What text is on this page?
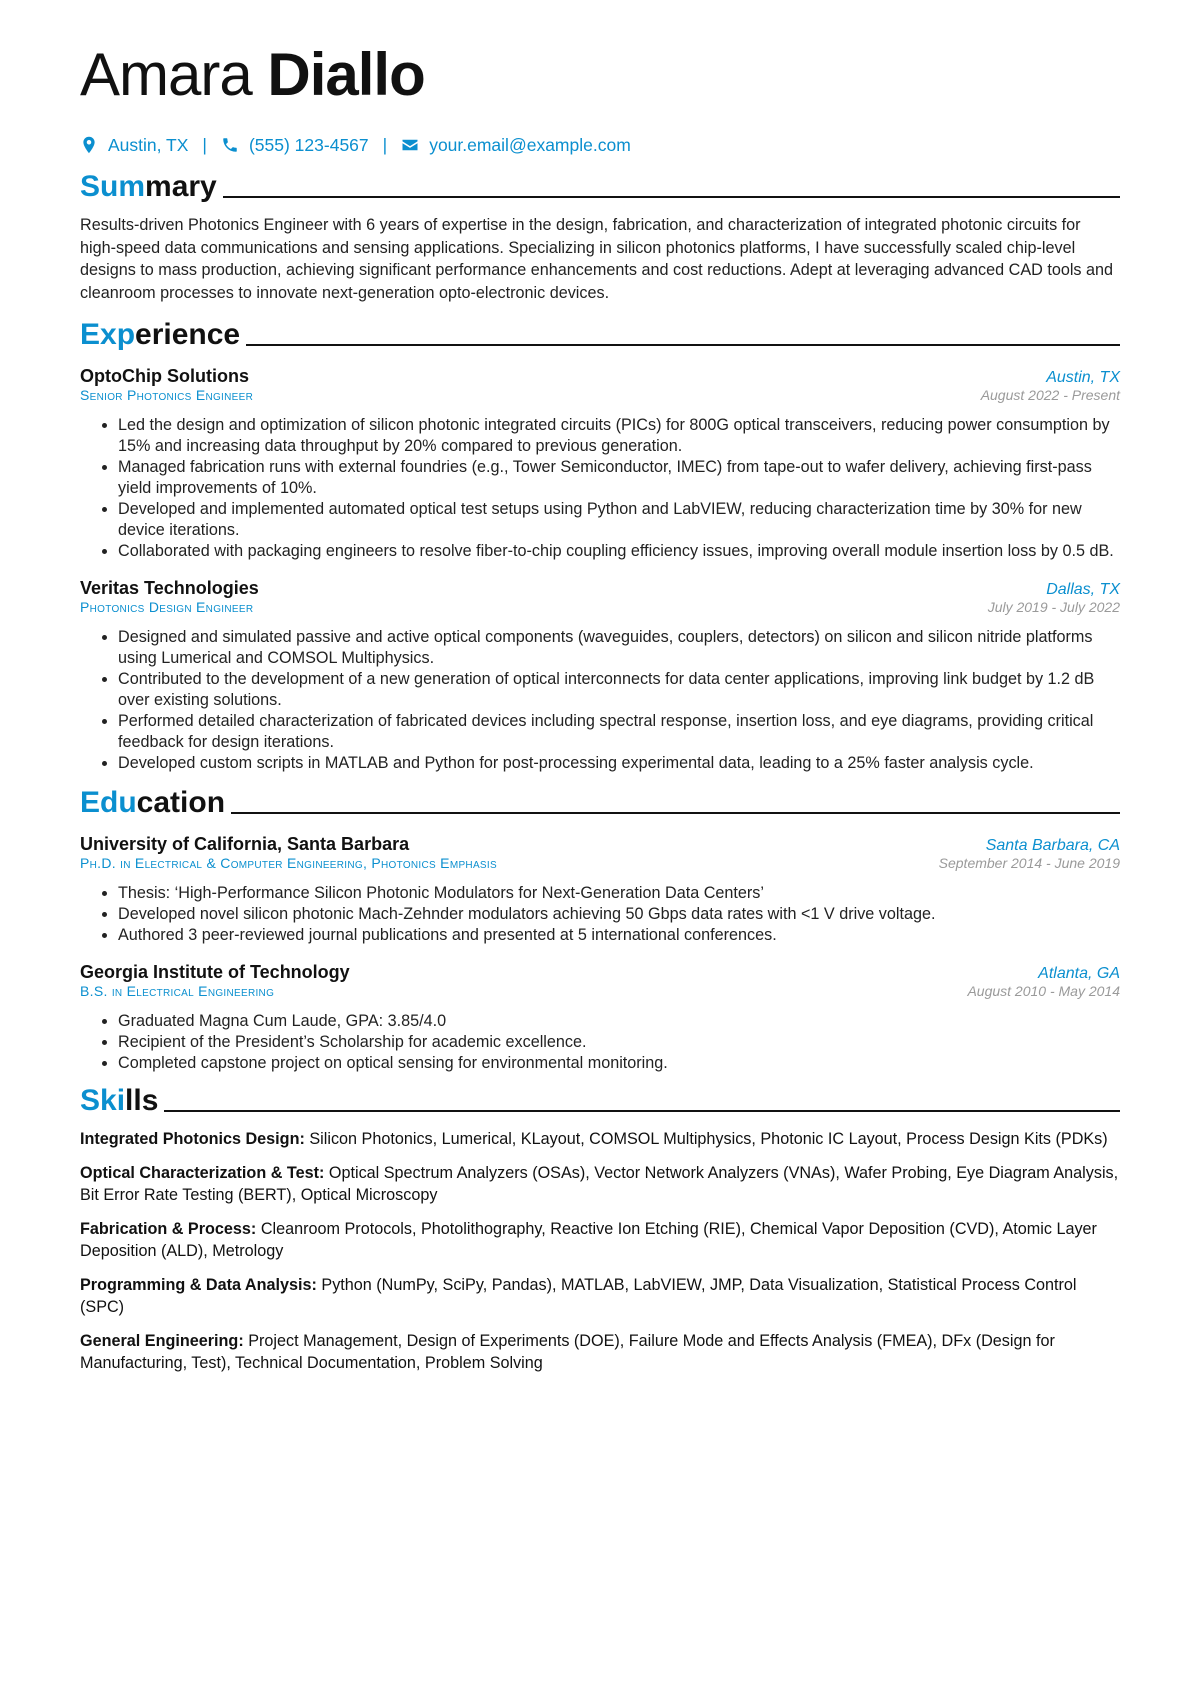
Amara Diallo
Austin, TX | (555) 123-4567 | your.email@example.com
Summary
Results-driven Photonics Engineer with 6 years of expertise in the design, fabrication, and characterization of integrated photonic circuits for high-speed data communications and sensing applications. Specializing in silicon photonics platforms, I have successfully scaled chip-level designs to mass production, achieving significant performance enhancements and cost reductions. Adept at leveraging advanced CAD tools and cleanroom processes to innovate next-generation opto-electronic devices.
Experience
OptoChip Solutions	Austin, TX
Senior Photonics Engineer	August 2022 - Present
• Led the design and optimization of silicon photonic integrated circuits (PICs) for 800G optical transceivers, reducing power consumption by 15% and increasing data throughput by 20% compared to previous generation.
• Managed fabrication runs with external foundries (e.g., Tower Semiconductor, IMEC) from tape-out to wafer delivery, achieving first-pass yield improvements of 10%.
• Developed and implemented automated optical test setups using Python and LabVIEW, reducing characterization time by 30% for new device iterations.
• Collaborated with packaging engineers to resolve fiber-to-chip coupling efficiency issues, improving overall module insertion loss by 0.5 dB.
Veritas Technologies	Dallas, TX
Photonics Design Engineer	July 2019 - July 2022
• Designed and simulated passive and active optical components (waveguides, couplers, detectors) on silicon and silicon nitride platforms using Lumerical and COMSOL Multiphysics.
• Contributed to the development of a new generation of optical interconnects for data center applications, improving link budget by 1.2 dB over existing solutions.
• Performed detailed characterization of fabricated devices including spectral response, insertion loss, and eye diagrams, providing critical feedback for design iterations.
• Developed custom scripts in MATLAB and Python for post-processing experimental data, leading to a 25% faster analysis cycle.
Education
University of California, Santa Barbara	Santa Barbara, CA
Ph.D. in Electrical & Computer Engineering, Photonics Emphasis	September 2014 - June 2019
• Thesis: ‘High-Performance Silicon Photonic Modulators for Next-Generation Data Centers’
• Developed novel silicon photonic Mach-Zehnder modulators achieving 50 Gbps data rates with <1 V drive voltage.
• Authored 3 peer-reviewed journal publications and presented at 5 international conferences.
Georgia Institute of Technology	Atlanta, GA
B.S. in Electrical Engineering	August 2010 - May 2014
• Graduated Magna Cum Laude, GPA: 3.85/4.0
• Recipient of the President’s Scholarship for academic excellence.
• Completed capstone project on optical sensing for environmental monitoring.
Skills
Integrated Photonics Design: Silicon Photonics, Lumerical, KLayout, COMSOL Multiphysics, Photonic IC Layout, Process Design Kits (PDKs)
Optical Characterization & Test: Optical Spectrum Analyzers (OSAs), Vector Network Analyzers (VNAs), Wafer Probing, Eye Diagram Analysis, Bit Error Rate Testing (BERT), Optical Microscopy
Fabrication & Process: Cleanroom Protocols, Photolithography, Reactive Ion Etching (RIE), Chemical Vapor Deposition (CVD), Atomic Layer Deposition (ALD), Metrology
Programming & Data Analysis: Python (NumPy, SciPy, Pandas), MATLAB, LabVIEW, JMP, Data Visualization, Statistical Process Control (SPC)
General Engineering: Project Management, Design of Experiments (DOE), Failure Mode and Effects Analysis (FMEA), DFx (Design for Manufacturing, Test), Technical Documentation, Problem Solving
